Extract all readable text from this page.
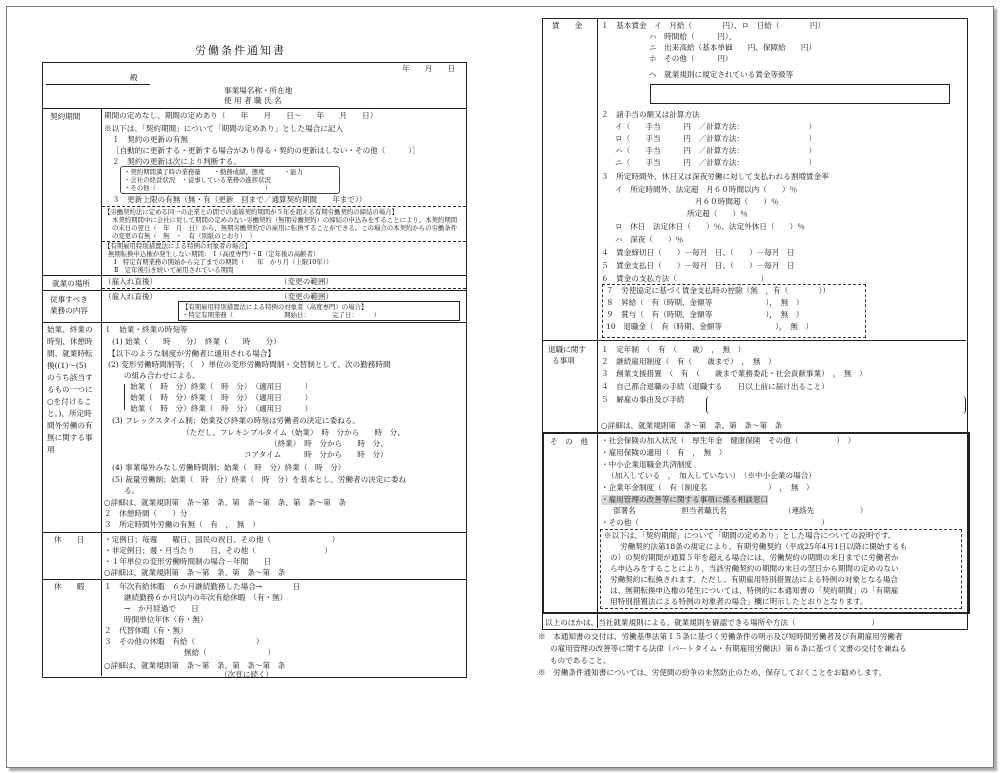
労働条件通知書
年　　月　　日
殿
事業場名称・所在地
使 用 者 職 氏 名
契約期間	期間の定めなし、期間の定めあり（　　年　　月　　日～　　年　　月　　日）
※以下は、「契約期間」について「期間の定めあり」とした場合に記入
１　契約の更新の有無
［自動的に更新する・更新する場合があり得る・契約の更新はしない・その他（　　　）］
２　契約の更新は次により判断する。
・契約期間満了時の業務量　　・勤務成績、態度　　　・能力
・会社の経営状況　・従事している業務の進捗状況
・その他（　　　　　　　　　　　　　　　　　）
３　更新上限の有無（無・有（更新　回まで／通算契約期間　　年まで））
【労働契約法に定める同一の企業との間での通算契約期間が５年を超える有期労働契約の締結の場合】
本契約期間中に会社に対して期間の定めのない労働契約（無期労働契約）の締結の申込みをすることにより、本契約期間の末日の翌日（　年　月　日）から、無期労働契約での雇用に転換することができる。この場合の本契約からの労働条件の変更の有無（　無　・　有（別紙のとおり）　）
【有期雇用特別措置法による特例の対象者の場合】
無期転換申込権が発生しない期間：　Ⅰ（高度専門）・Ⅱ（定年後の高齢者）
Ⅰ　特定有期業務の開始から完了までの期間（　　年　かり月（上限10年））
Ⅱ　定年後引き続いて雇用されている期間
就業の場所 （雇入れ直後）	（変更の範囲）
従事すべき
業務の内容
（雇入れ直後）	（変更の範囲）
【有期雇用特別措置法による特例の対象者（高度専門）の場合】
・特定有期業務（　　　　　　　　開始日：　　　　完了日：　　　）
始業、終業の
時刻、休憩時
間、就業時転
換((1)～(5)
のうち該当す
るもの一つに
○を付けるこ
と。)、所定時
間外労働の有
無に関する事
項
１　始業・終業の時刻等
(1) 始業（　　時　　分）　終業（　　時　　分）
【以下のような制度が労働者に適用される場合】
(2) 変形労働時間制等；（　）単位の変形労働時間制・交替制として、次の勤務時間
の組み合わせによる。
始業（　時　分）終業（　時　分）　（適用日　　　）
始業（　時　分）終業（　時　分）　（適用日　　　）
始業（　時　分）終業（　時　分）　（適用日　　　）
(3) フレックスタイム制；始業及び終業の時刻は労働者の決定に委ねる。
（ただし、フレキシブルタイム（始業）　時　分から　　時　分、
（終業）　時　分から　　時　分、
コアタイム　　　時　分から　　時　分）
(4) 事業場外みなし労働時間制；始業（　時　分）終業（　時　分）
(5) 裁量労働制；始業（　時　分）終業（　時　分）を基本とし、労働者の決定に委ね
る。
○詳細は、就業規則第　条～第　条、第　条～第　条、第　条～第　条
２　休憩時間（　　）分
３　所定時間外労働の有無（　有　，　無　）
休　　日	・定例日；毎週　　曜日、国民の祝日、その他（　　　　　　　　）
・非定例日；週・月当たり　　日、その他（　　　　　　　　　）
・１年単位の変形労働時間制の場合－年間　　日
○詳細は、就業規則第　条～第　条、第　条～第　条
休　　暇	１　年次有給休暇　６か月継続勤務した場合→　　　　日
継続勤務６か月以内の年次有給休暇　（有・無）
→　か月経過で　　日
時間単位年休（有・無）
２　代替休暇（有・無）
３　その他の休暇　有給（　　　　　　　　）
無給（　　　　　　　　）
○詳細は、就業規則第　条～第　条、第　条～第　条
（次頁に続く）
賃　　金 １　基本賃金　イ　月給（　　　　円）、ロ　日給（　　　　円）
ハ　時間給（　　　円）、
ニ　出来高給（基本単価　　円、保障給　　円）
ホ　その他（　　　円）
ヘ　就業規則に規定されている賃金等級等
２　諸手当の額又は計算方法
イ（　　手当　　　円　／計算方法：　　　　　　　　　）
ロ（　　手当　　　円　／計算方法：　　　　　　　　　）
ハ（　　手当　　　円　／計算方法：　　　　　　　　　）
ニ（　　手当　　　円　／計算方法：　　　　　　　　　）
３　所定時間外、休日又は深夜労働に対して支払われる割増賃金率
イ　所定時間外、法定超　月６０時間以内（　　）％
月６０時間超（　　）％
所定超（　　）％
ロ　休日　法定休日（　　）％、法定外休日（　　）％
ハ　深夜（　　）％
４　賃金締切日（　　）－毎月　日、（　　）－毎月　日
５　賃金支払日（　　）－毎月　日、（　　）－毎月　日
６　賃金の支払方法（　　　　　　　　　　　）
７　労使協定に基づく賃金支払時の控除（無　，有（　　　　））
８　昇給（　有（時期、金額等　　　　　　　），　無　）
９　賞与（　有（時期、金額等　　　　　　　），　無　）
10　退職金（　有（時期、金額等　　　　　　　），　無　）
退職に関す
る事項
１　定年制　（　有　（　　歳）　，　無　）
２　継続雇用制度（　有（　　歳まで）　，　無　）
３　創業支援措置　（　有　（　　歳まで業務委託・社会貢献事業）　，　無　）
４　自己都合退職の手続（退職する　　日以上前に届け出ること）
５　解雇の事由及び手続
○詳細は、就業規則第　条～第　条、第　条～第　条
そ　の　他 ・社会保険の加入状況（　厚生年金　健康保険　その他（　　　　　）　）
・雇用保険の適用（　有　，　無　）
・中小企業退職金共済制度
（加入している　，　加入していない）　（※中小企業の場合）
・企業年金制度（　有（制度名　　　　　　　　）　，　無　）
・雇用管理の改善等に関する事項に係る相談窓口
部署名　　　　　　担当者職氏名　　　　　　　　（連絡先　　　　　　）
・その他（　　　　　　　　　　　　　　　　　　　　　　　　）
※以下は、「契約期間」について「期間の定めあり」とした場合についての説明です。
労働契約法第18条の規定により、有期労働契約（平成25年4月1日以降に開始するも
の）の契約期間が通算５年を超える場合には、労働契約の期間の末日までに労働者か
ら申込みをすることにより、当該労働契約の期間の末日の翌日から期間の定めのない
労働契約に転換されます。ただし、有期雇用特別措置法による特例の対象となる場合
は、無期転換申込権の発生については、特例的に本通知書の「契約期間」の「有期雇
用特別措置法による特例の対象者の場合」欄に明示したとおりとなります。
以上のほかは、当社就業規則による。就業規則を確認できる場所や方法（　　　　　　　　　　）
※　本通知書の交付は、労働基準法第１５条に基づく労働条件の明示及び短時間労働者及び有期雇用労働者
の雇用管理の改善等に関する法律（パートタイム・有期雇用労働法）第６条に基づく文書の交付を兼ねる
ものであること。
※　労働条件通知書については、労使間の紛争の未然防止のため、保存しておくことをお勧めします。
